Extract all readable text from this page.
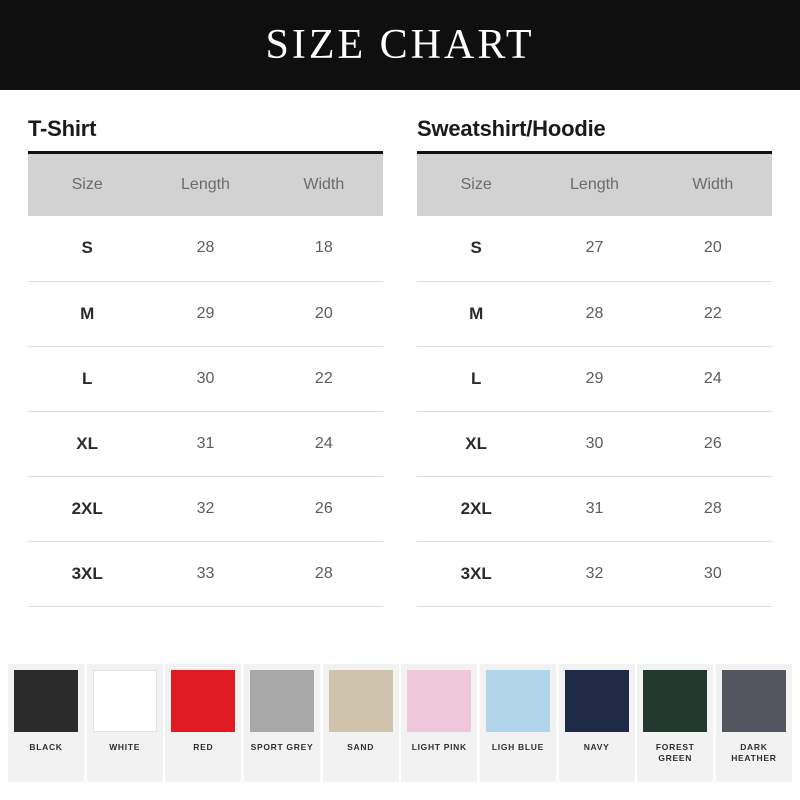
SIZE CHART
T-Shirt
Size	Length	Width
S	28	18
M	29	20
L	30	22
XL	31	24
2XL	32	26
3XL	33	28
Sweatshirt/Hoodie
Size	Length	Width
S	27	20
M	28	22
L	29	24
XL	30	26
2XL	31	28
3XL	32	30
BLACK	WHITE	RED	SPORT GREY	SAND	LIGHT PINK	LIGH BLUE	NAVY	FOREST GREEN
DARK HEATHER
